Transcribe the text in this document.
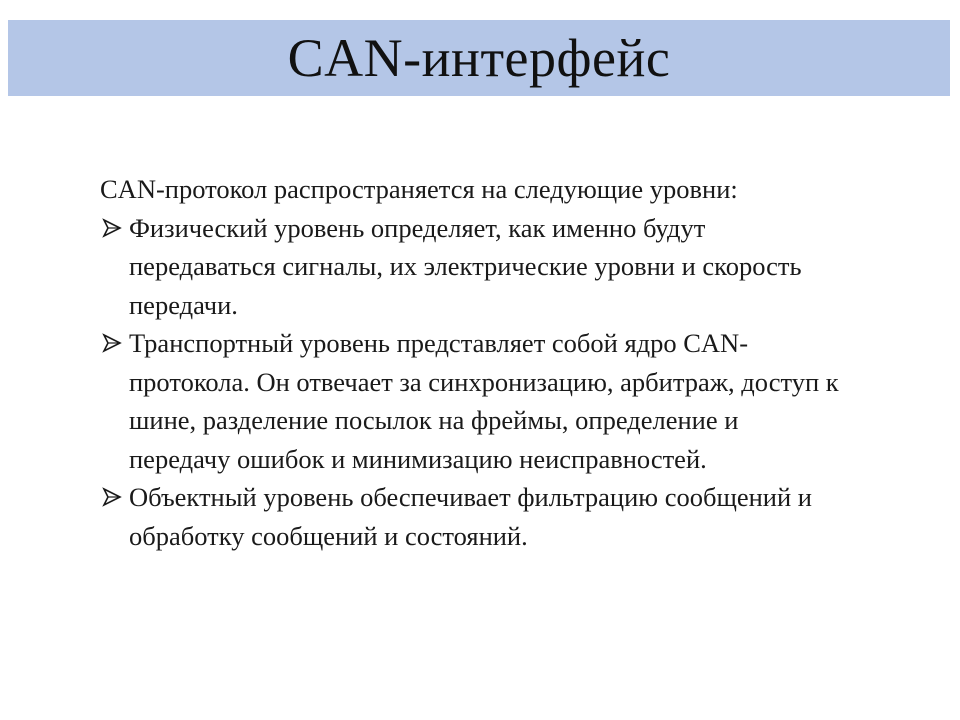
CAN-интерфейс

CAN-протокол распространяется на следующие уровни:

Физический уровень определяет, как именно будут передаваться сигналы, их электрические уровни и скорость передачи.
Транспортный уровень представляет собой ядро CAN-протокола. Он отвечает за синхронизацию, арбитраж, доступ к шине, разделение посылок на фреймы, определение и передачу ошибок и минимизацию неисправностей.
Объектный уровень обеспечивает фильтрацию сообщений и обработку сообщений и состояний.
